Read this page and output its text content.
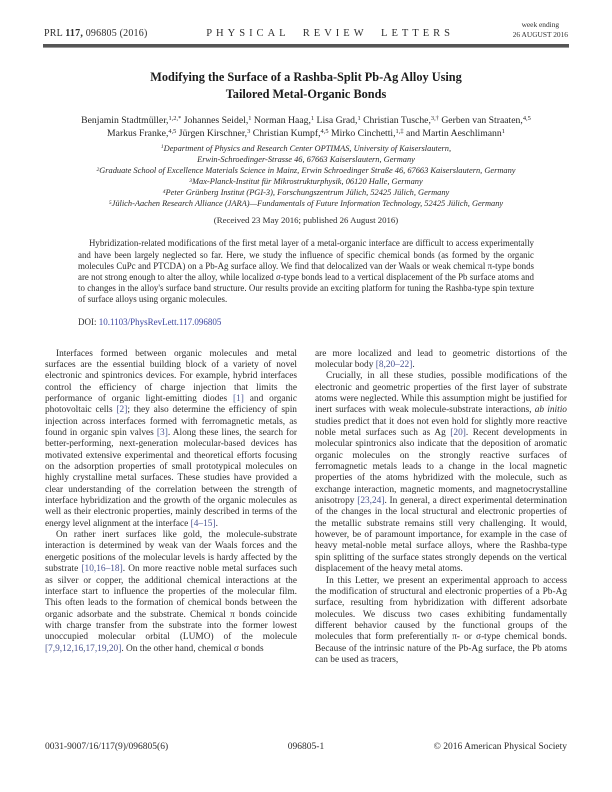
PRL 117, 096805 (2016)	PHYSICAL REVIEW LETTERS
week ending
26 AUGUST 2016
Modifying the Surface of a Rashba-Split Pb-Ag Alloy Using
Tailored Metal-Organic Bonds
Benjamin Stadtmüller,$^{1,2,*}$ Johannes Seidel,$^1$ Norman Haag,$^1$ Lisa Grad,$^1$ Christian Tusche,$^{3,\dagger}$ Gerben van Straaten,$^{4,5}$
Markus Franke,$^{4,5}$ Jürgen Kirschner,$^3$ Christian Kumpf,$^{4,5}$ Mirko Cinchetti,$^{1,\ddagger}$ and Martin Aeschlimann$^1$
$^1$Department of Physics and Research Center OPTIMAS, University of Kaiserslautern,
Erwin-Schroedinger-Strasse 46, 67663 Kaiserslautern, Germany
$^2$Graduate School of Excellence Materials Science in Mainz, Erwin Schroedinger Straße 46, 67663 Kaiserslautern, Germany
$^3$Max-Planck-Institut für Mikrostrukturphysik, 06120 Halle, Germany
$^4$Peter Grünberg Institut (PGI-3), Forschungszentrum Jülich, 52425 Jülich, Germany
$^5$Jülich-Aachen Research Alliance (JARA)—Fundamentals of Future Information Technology, 52425 Jülich, Germany
(Received 23 May 2016; published 26 August 2016)
Hybridization-related modifications of the first metal layer of a metal-organic interface are difficult to access experimentally and have been largely neglected so far. Here, we study the influence of specific chemical bonds (as formed by the organic molecules CuPc and PTCDA) on a Pb-Ag surface alloy. We find that delocalized van der Waals or weak chemical π-type bonds are not strong enough to alter the alloy, while localized σ-type bonds lead to a vertical displacement of the Pb surface atoms and to changes in the alloy's surface band structure. Our results provide an exciting platform for tuning the Rashba-type spin texture of surface alloys using organic molecules.
DOI: 10.1103/PhysRevLett.117.096805

Interfaces formed between organic molecules and metal surfaces are the essential building block of a variety of novel electronic and spintronics devices. For example, hybrid interfaces control the efficiency of charge injection that limits the performance of organic light-emitting diodes [1] and organic photovoltaic cells [2]; they also determine the efficiency of spin injection across interfaces formed with ferromagnetic metals, as found in organic spin valves [3]. Along these lines, the search for better-performing, next-generation molecular-based devices has motivated extensive experimental and theoretical efforts focusing on the adsorption properties of small prototypical molecules on highly crystalline metal surfaces. These studies have provided a clear understanding of the correlation between the strength of interface hybridization and the growth of the organic molecules as well as their electronic properties, mainly described in terms of the energy level alignment at the interface [4–15].

On rather inert surfaces like gold, the molecule-substrate interaction is determined by weak van der Waals forces and the energetic positions of the molecular levels is hardy affected by the substrate [10,16–18]. On more reactive noble metal surfaces such as silver or copper, the additional chemical interactions at the interface start to influence the properties of the molecular film. This often leads to the formation of chemical bonds between the organic adsorbate and the substrate. Chemical π bonds coincide with charge transfer from the substrate into the former lowest unoccupied molecular orbital (LUMO) of the molecule [7,9,12,16,17,19,20]. On the other hand, chemical σ bonds

are more localized and lead to geometric distortions of the molecular body [8,20–22].

Crucially, in all these studies, possible modifications of the electronic and geometric properties of the first layer of substrate atoms were neglected. While this assumption might be justified for inert surfaces with weak molecule-substrate interactions, ab initio studies predict that it does not even hold for slightly more reactive noble metal surfaces such as Ag [20]. Recent developments in molecular spintronics also indicate that the deposition of aromatic organic molecules on the strongly reactive surfaces of ferromagnetic metals leads to a change in the local magnetic properties of the atoms hybridized with the molecule, such as exchange interaction, magnetic moments, and magnetocrystalline anisotropy [23,24]. In general, a direct experimental determination of the changes in the local structural and electronic properties of the metallic substrate remains still very challenging. It would, however, be of paramount importance, for example in the case of heavy metal-noble metal surface alloys, where the Rashba-type spin splitting of the surface states strongly depends on the vertical displacement of the heavy metal atoms.

In this Letter, we present an experimental approach to access the modification of structural and electronic properties of a Pb-Ag surface, resulting from hybridization with different adsorbate molecules. We discuss two cases exhibiting fundamentally different behavior caused by the functional groups of the molecules that form preferentially π- or σ-type chemical bonds. Because of the intrinsic nature of the Pb-Ag surface, the Pb atoms can be used as tracers,

096805-1
0031-9007/16/117(9)/096805(6)	© 2016 American Physical Society
